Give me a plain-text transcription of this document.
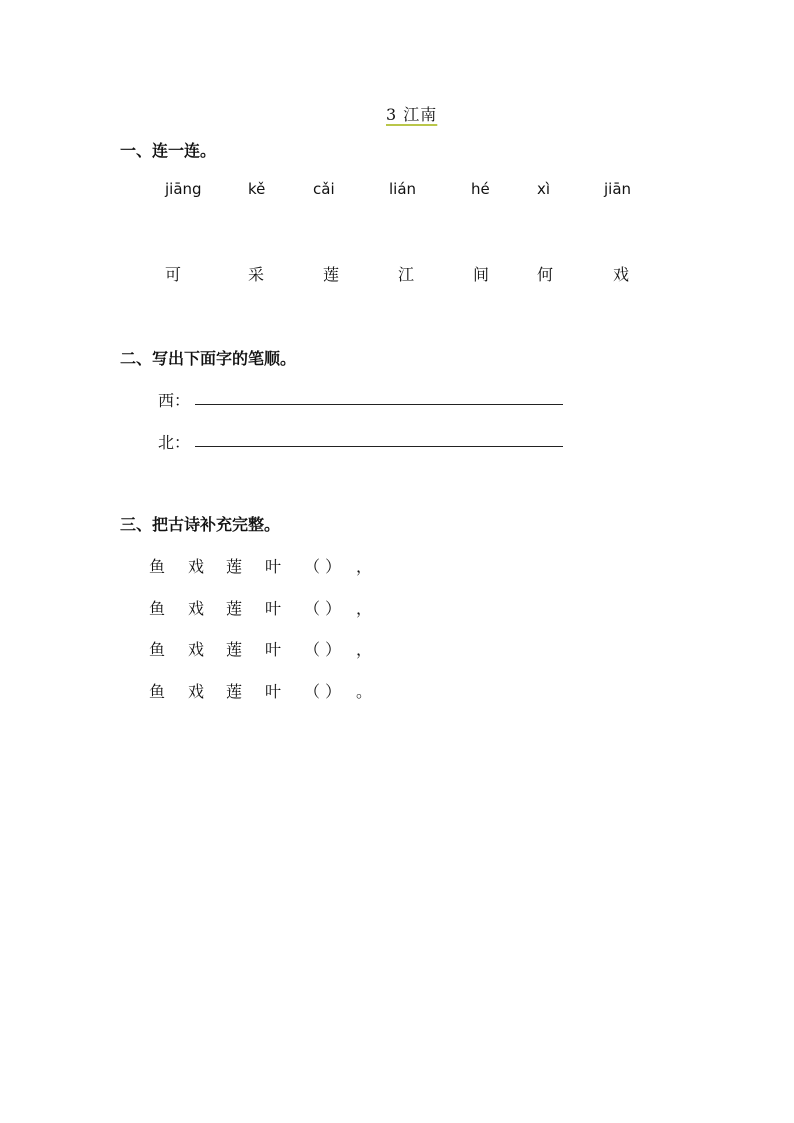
3 江南
一、连一连。
jiāng	kě	cǎi	lián	hé	xì	jiān
可	采	莲	江	间	何	戏
二、写出下面字的笔顺。
西：
北：
三、把古诗补充完整。
鱼 戏 莲 叶 （ ） ，
鱼 戏 莲 叶 （ ） ，
鱼 戏 莲 叶 （ ） ，
鱼 戏 莲 叶 （ ） 。
